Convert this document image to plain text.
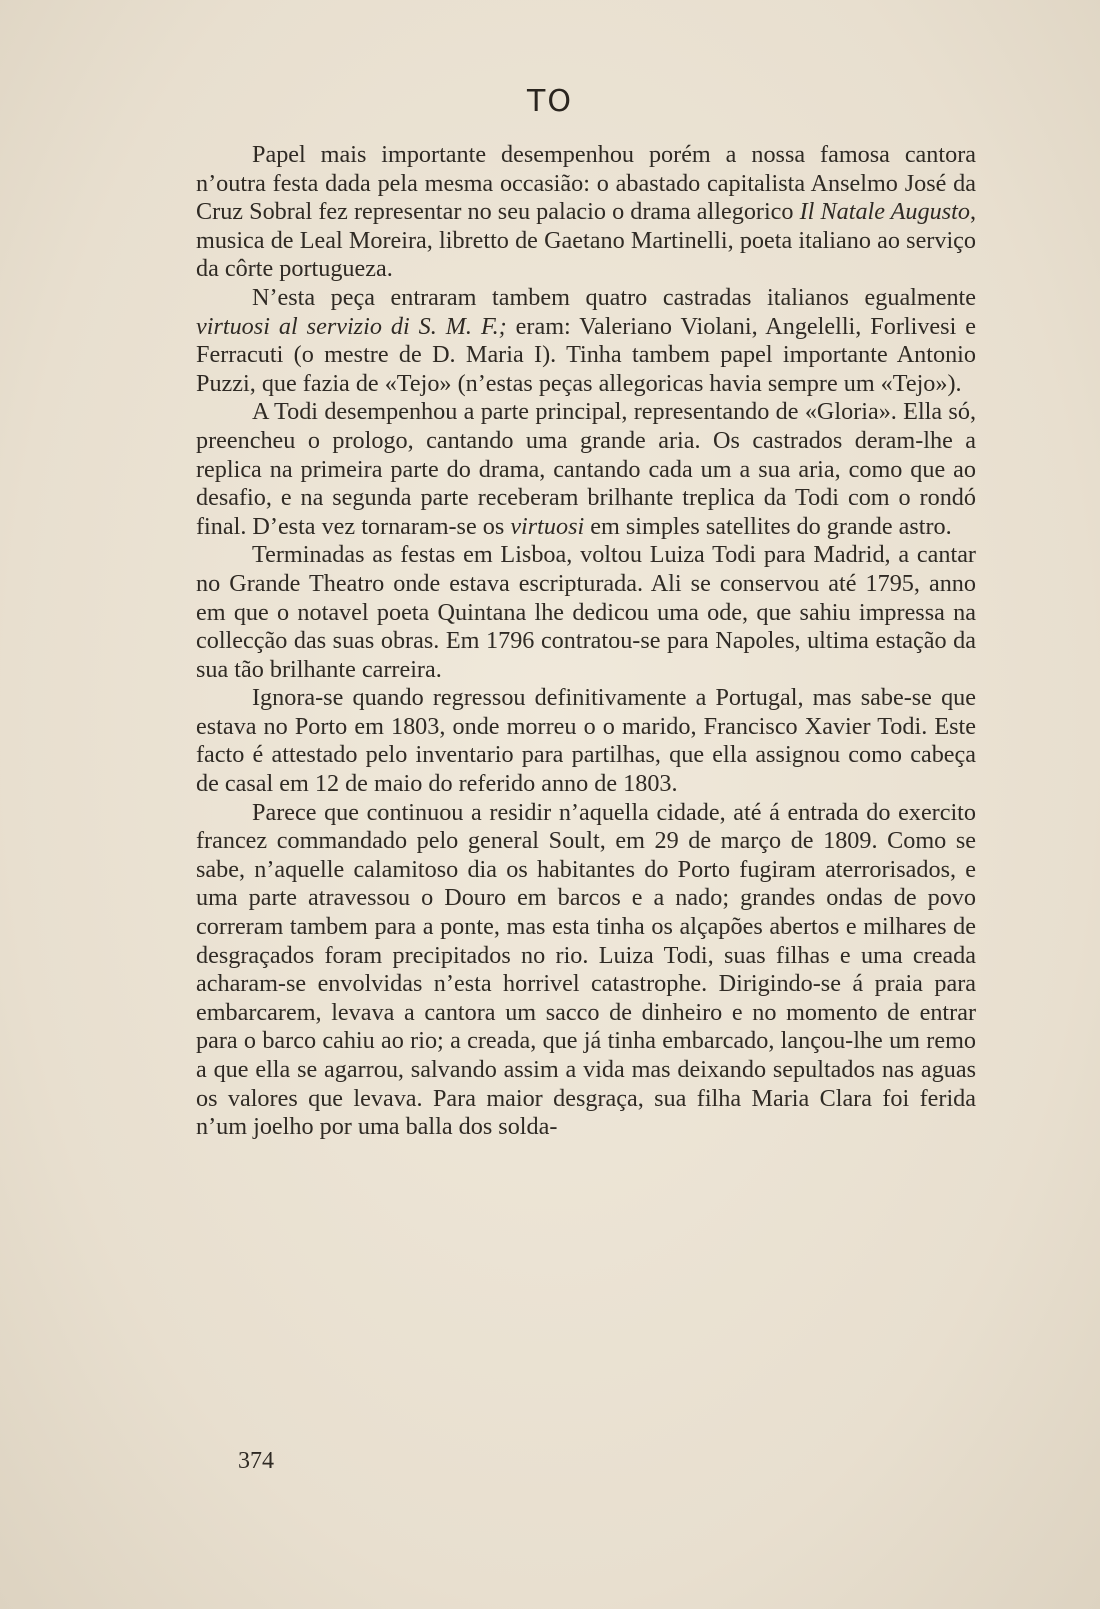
TO

Papel mais importante desempenhou porém a nossa famosa cantora n’outra festa dada pela mesma occasião: o abastado capitalista Anselmo José da Cruz Sobral fez representar no seu palacio o drama allegorico Il Natale Augusto, musica de Leal Moreira, libretto de Gaetano Martinelli, poeta italiano ao serviço da côrte portugueza.

N’esta peça entraram tambem quatro castradas italianos egualmente virtuosi al servizio di S. M. F.; eram: Valeriano Violani, Angelelli, Forlivesi e Ferracuti (o mestre de D. Maria I). Tinha tambem papel importante Antonio Puzzi, que fazia de «Tejo» (n’estas peças allegoricas havia sempre um «Tejo»).

A Todi desempenhou a parte principal, representando de «Gloria». Ella só, preencheu o prologo, cantando uma grande aria. Os castrados deram-lhe a replica na primeira parte do drama, cantando cada um a sua aria, como que ao desafio, e na segunda parte receberam brilhante treplica da Todi com o rondó final. D’esta vez tornaram-se os virtuosi em simples satellites do grande astro.

Terminadas as festas em Lisboa, voltou Luiza Todi para Madrid, a cantar no Grande Theatro onde estava escripturada. Ali se conservou até 1795, anno em que o notavel poeta Quintana lhe dedicou uma ode, que sahiu impressa na collecção das suas obras. Em 1796 contratou-se para Napoles, ultima estação da sua tão brilhante carreira.

Ignora-se quando regressou definitivamente a Portugal, mas sabe-se que estava no Porto em 1803, onde morreu o o marido, Francisco Xavier Todi. Este facto é attestado pelo inventario para partilhas, que ella assignou como cabeça de casal em 12 de maio do referido anno de 1803.

Parece que continuou a residir n’aquella cidade, até á entrada do exercito francez commandado pelo general Soult, em 29 de março de 1809. Como se sabe, n’aquelle calamitoso dia os habitantes do Porto fugiram aterrorisados, e uma parte atravessou o Douro em barcos e a nado; grandes ondas de povo correram tambem para a ponte, mas esta tinha os alçapões abertos e milhares de desgraçados foram precipitados no rio. Luiza Todi, suas filhas e uma creada acharam-se envolvidas n’esta horrivel catastrophe. Dirigindo-se á praia para embarcarem, levava a cantora um sacco de dinheiro e no momento de entrar para o barco cahiu ao rio; a creada, que já tinha embarcado, lançou-lhe um remo a que ella se agarrou, salvando assim a vida mas deixando sepultados nas aguas os valores que levava. Para maior desgraça, sua filha Maria Clara foi ferida n’um joelho por uma balla dos solda-

374
